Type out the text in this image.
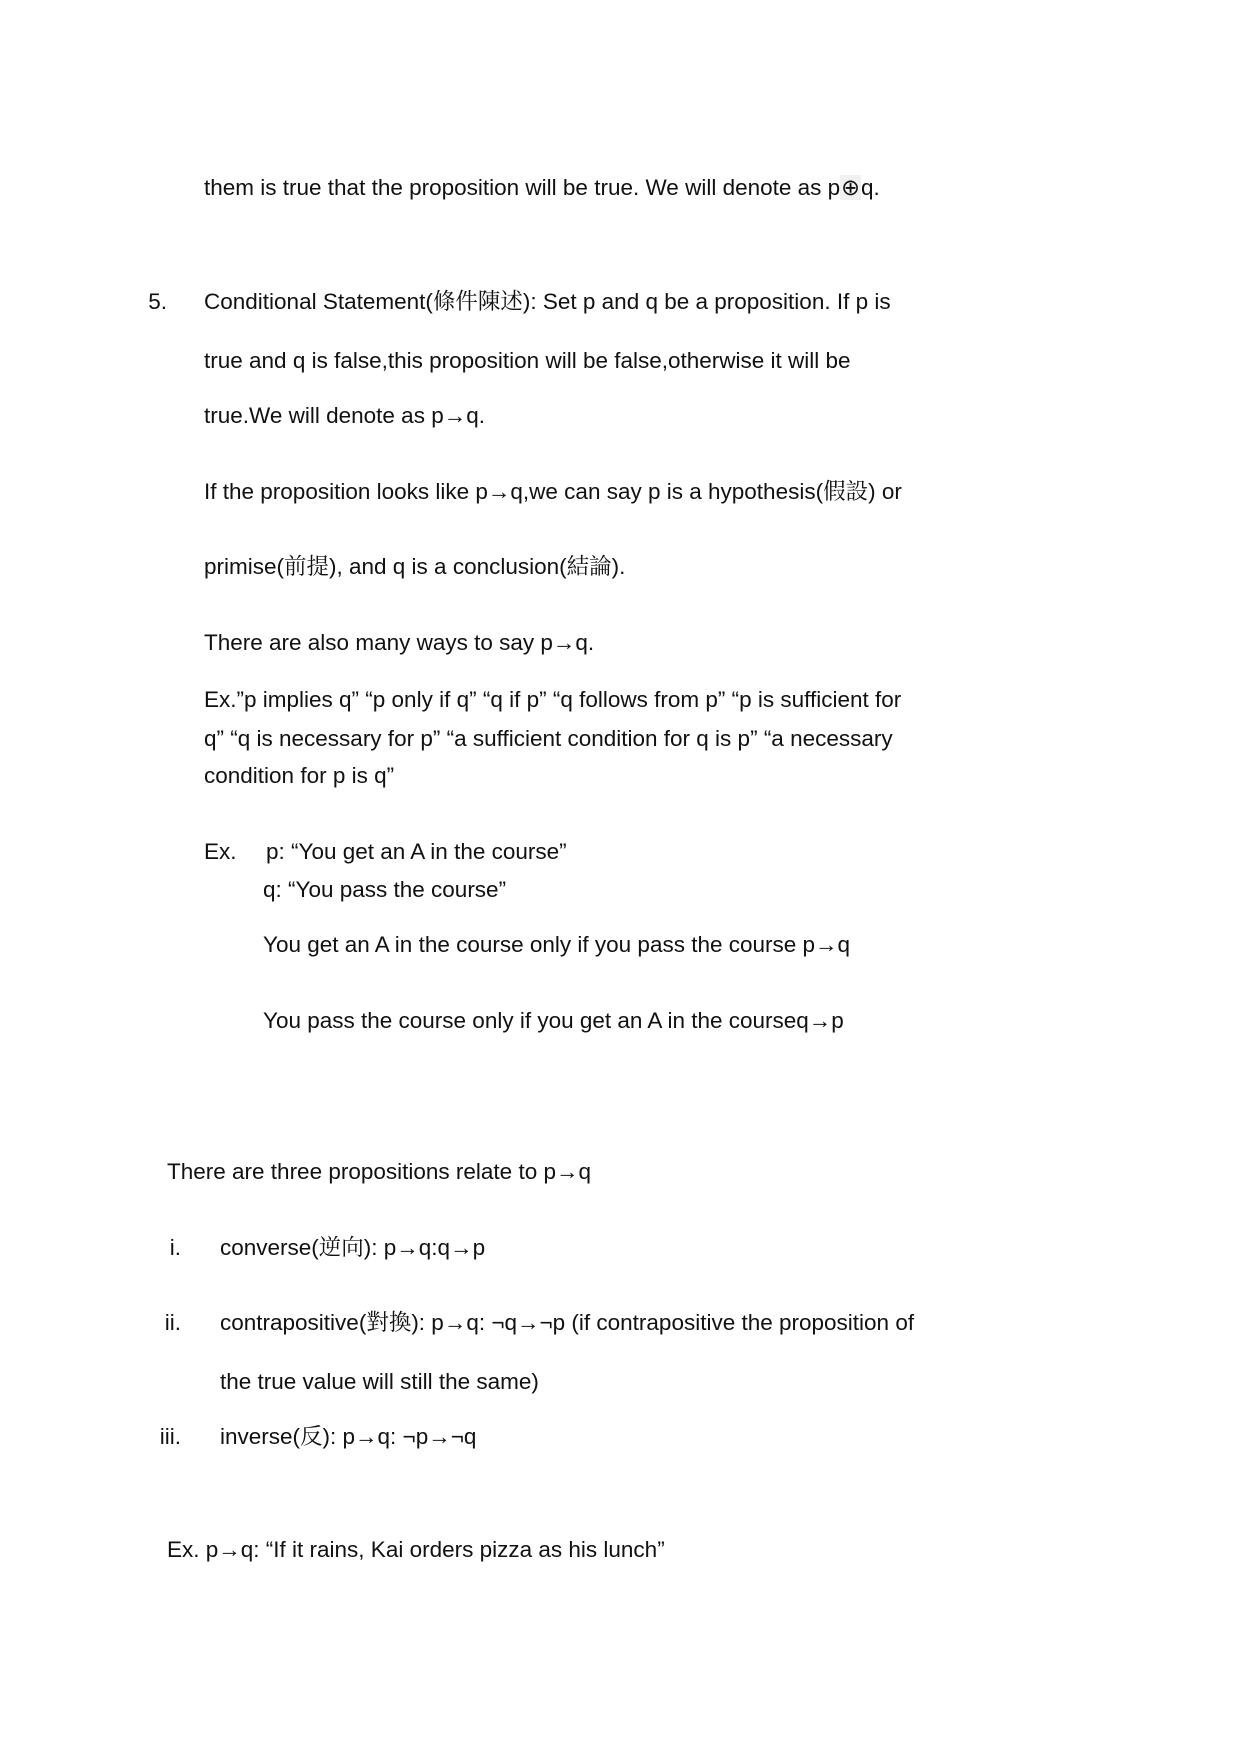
them is true that the proposition will be true. We will denote as p⊕q.
5. Conditional Statement(條件陳述): Set p and q be a proposition. If p is
true and q is false,this proposition will be false,otherwise it will be
true.We will denote as p→q.
If the proposition looks like p→q,we can say p is a hypothesis(假設) or
primise(前提), and q is a conclusion(結論).
There are also many ways to say p→q.
Ex.”p implies q” “p only if q” “q if p” “q follows from p” “p is sufficient for
q” “q is necessary for p” “a sufficient condition for q is p” “a necessary
condition for p is q”
Ex. p: “You get an A in the course”
q: “You pass the course”
You get an A in the course only if you pass the course p→q
You pass the course only if you get an A in the courseq→p
There are three propositions relate to p→q
i. converse(逆向): p→q:q→p
ii. contrapositive(對換): p→q: ¬q→¬p (if contrapositive the proposition of
the true value will still the same)
iii. inverse(反): p→q: ¬p→¬q
Ex. p→q: “If it rains, Kai orders pizza as his lunch”
